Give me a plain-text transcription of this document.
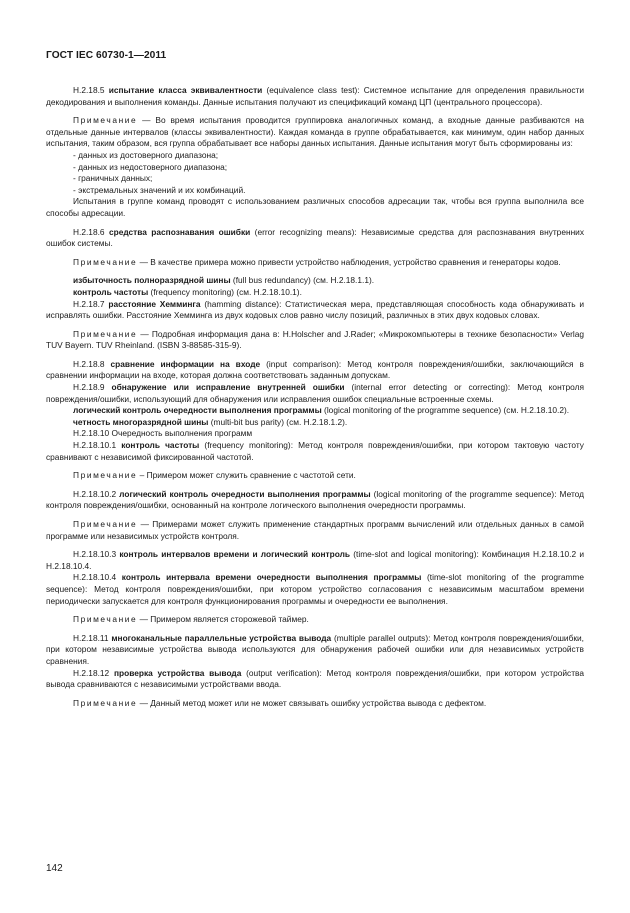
ГОСТ IEC 60730-1—2011

Н.2.18.5 испытание класса эквивалентности (equivalence class test): Системное испытание для определения правильности декодирования и выполнения команды. Данные испытания получают из спецификаций команд ЦП (центрального процессора).

Примечание — Во время испытания проводится группировка аналогичных команд, а входные данные разбиваются на отдельные данные интервалов (классы эквивалентности). Каждая команда в группе обрабатывается, как минимум, один набор данных испытания, таким образом, вся группа обрабатывает все наборы данных испытания. Данные испытания могут быть сформированы из:

- данных из достоверного диапазона;
- данных из недостоверного диапазона;
- граничных данных;
- экстремальных значений и их комбинаций.

Испытания в группе команд проводят с использованием различных способов адресации так, чтобы вся группа выполнила все способы адресации.

Н.2.18.6 средства распознавания ошибки (error recognizing means): Независимые средства для распознавания внутренних ошибок системы.

Примечание — В качестве примера можно привести устройство наблюдения, устройство сравнения и генераторы кодов.

избыточность полноразрядной шины (full bus redundancy) (см. Н.2.18.1.1).

контроль частоты (frequency monitoring) (см. Н.2.18.10.1).

Н.2.18.7 расстояние Хемминга (hamming distance): Статистическая мера, представляющая способность кода обнаруживать и исправлять ошибки. Расстояние Хемминга из двух кодовых слов равно числу позиций, различных в этих двух кодовых словах.

Примечание — Подробная информация дана в: H.Holscher and J.Rader; «Микрокомпьютеры в технике безопасности» Verlag TUV Bayern. TUV Rheinland. (ISBN 3-88585-315-9).

Н.2.18.8 сравнение информации на входе (input comparison): Метод контроля повреждения/ошибки, заключающийся в сравнении информации на входе, которая должна соответствовать заданным допускам.

Н.2.18.9 обнаружение или исправление внутренней ошибки (internal error detecting or correcting): Метод контроля повреждения/ошибки, использующий для обнаружения или исправления ошибок специальные встроенные схемы.

логический контроль очередности выполнения программы (logical monitoring of the programme sequence) (см. Н.2.18.10.2).

четность многоразрядной шины (multi-bit bus parity) (см. Н.2.18.1.2).

Н.2.18.10 Очередность выполнения программ

Н.2.18.10.1 контроль частоты (frequency monitoring): Метод контроля повреждения/ошибки, при котором тактовую частоту сравнивают с независимой фиксированной частотой.

Примечание – Примером может служить сравнение с частотой сети.

Н.2.18.10.2 логический контроль очередности выполнения программы (logical monitoring of the programme sequence): Метод контроля повреждения/ошибки, основанный на контроле логического выполнения очередности программы.

Примечание — Примерами может служить применение стандартных программ вычислений или отдельных данных в самой программе или независимых устройств контроля.

Н.2.18.10.3 контроль интервалов времени и логический контроль (time-slot and logical monitoring): Комбинация Н.2.18.10.2 и Н.2.18.10.4.

Н.2.18.10.4 контроль интервала времени очередности выполнения программы (time-slot monitoring of the programme sequence): Метод контроля повреждения/ошибки, при котором устройство согласования с независимым масштабом времени периодически запускается для контроля функционирования программы и очередности ее выполнения.

Примечание — Примером является сторожевой таймер.

Н.2.18.11 многоканальные параллельные устройства вывода (multiple parallel outputs): Метод контроля повреждения/ошибки, при котором независимые устройства вывода используются для обнаружения рабочей ошибки или для независимых устройств сравнения.

Н.2.18.12 проверка устройства вывода (output verification): Метод контроля повреждения/ошибки, при котором устройства вывода сравниваются с независимыми устройствами ввода.

Примечание — Данный метод может или не может связывать ошибку устройства вывода с дефектом.

142
